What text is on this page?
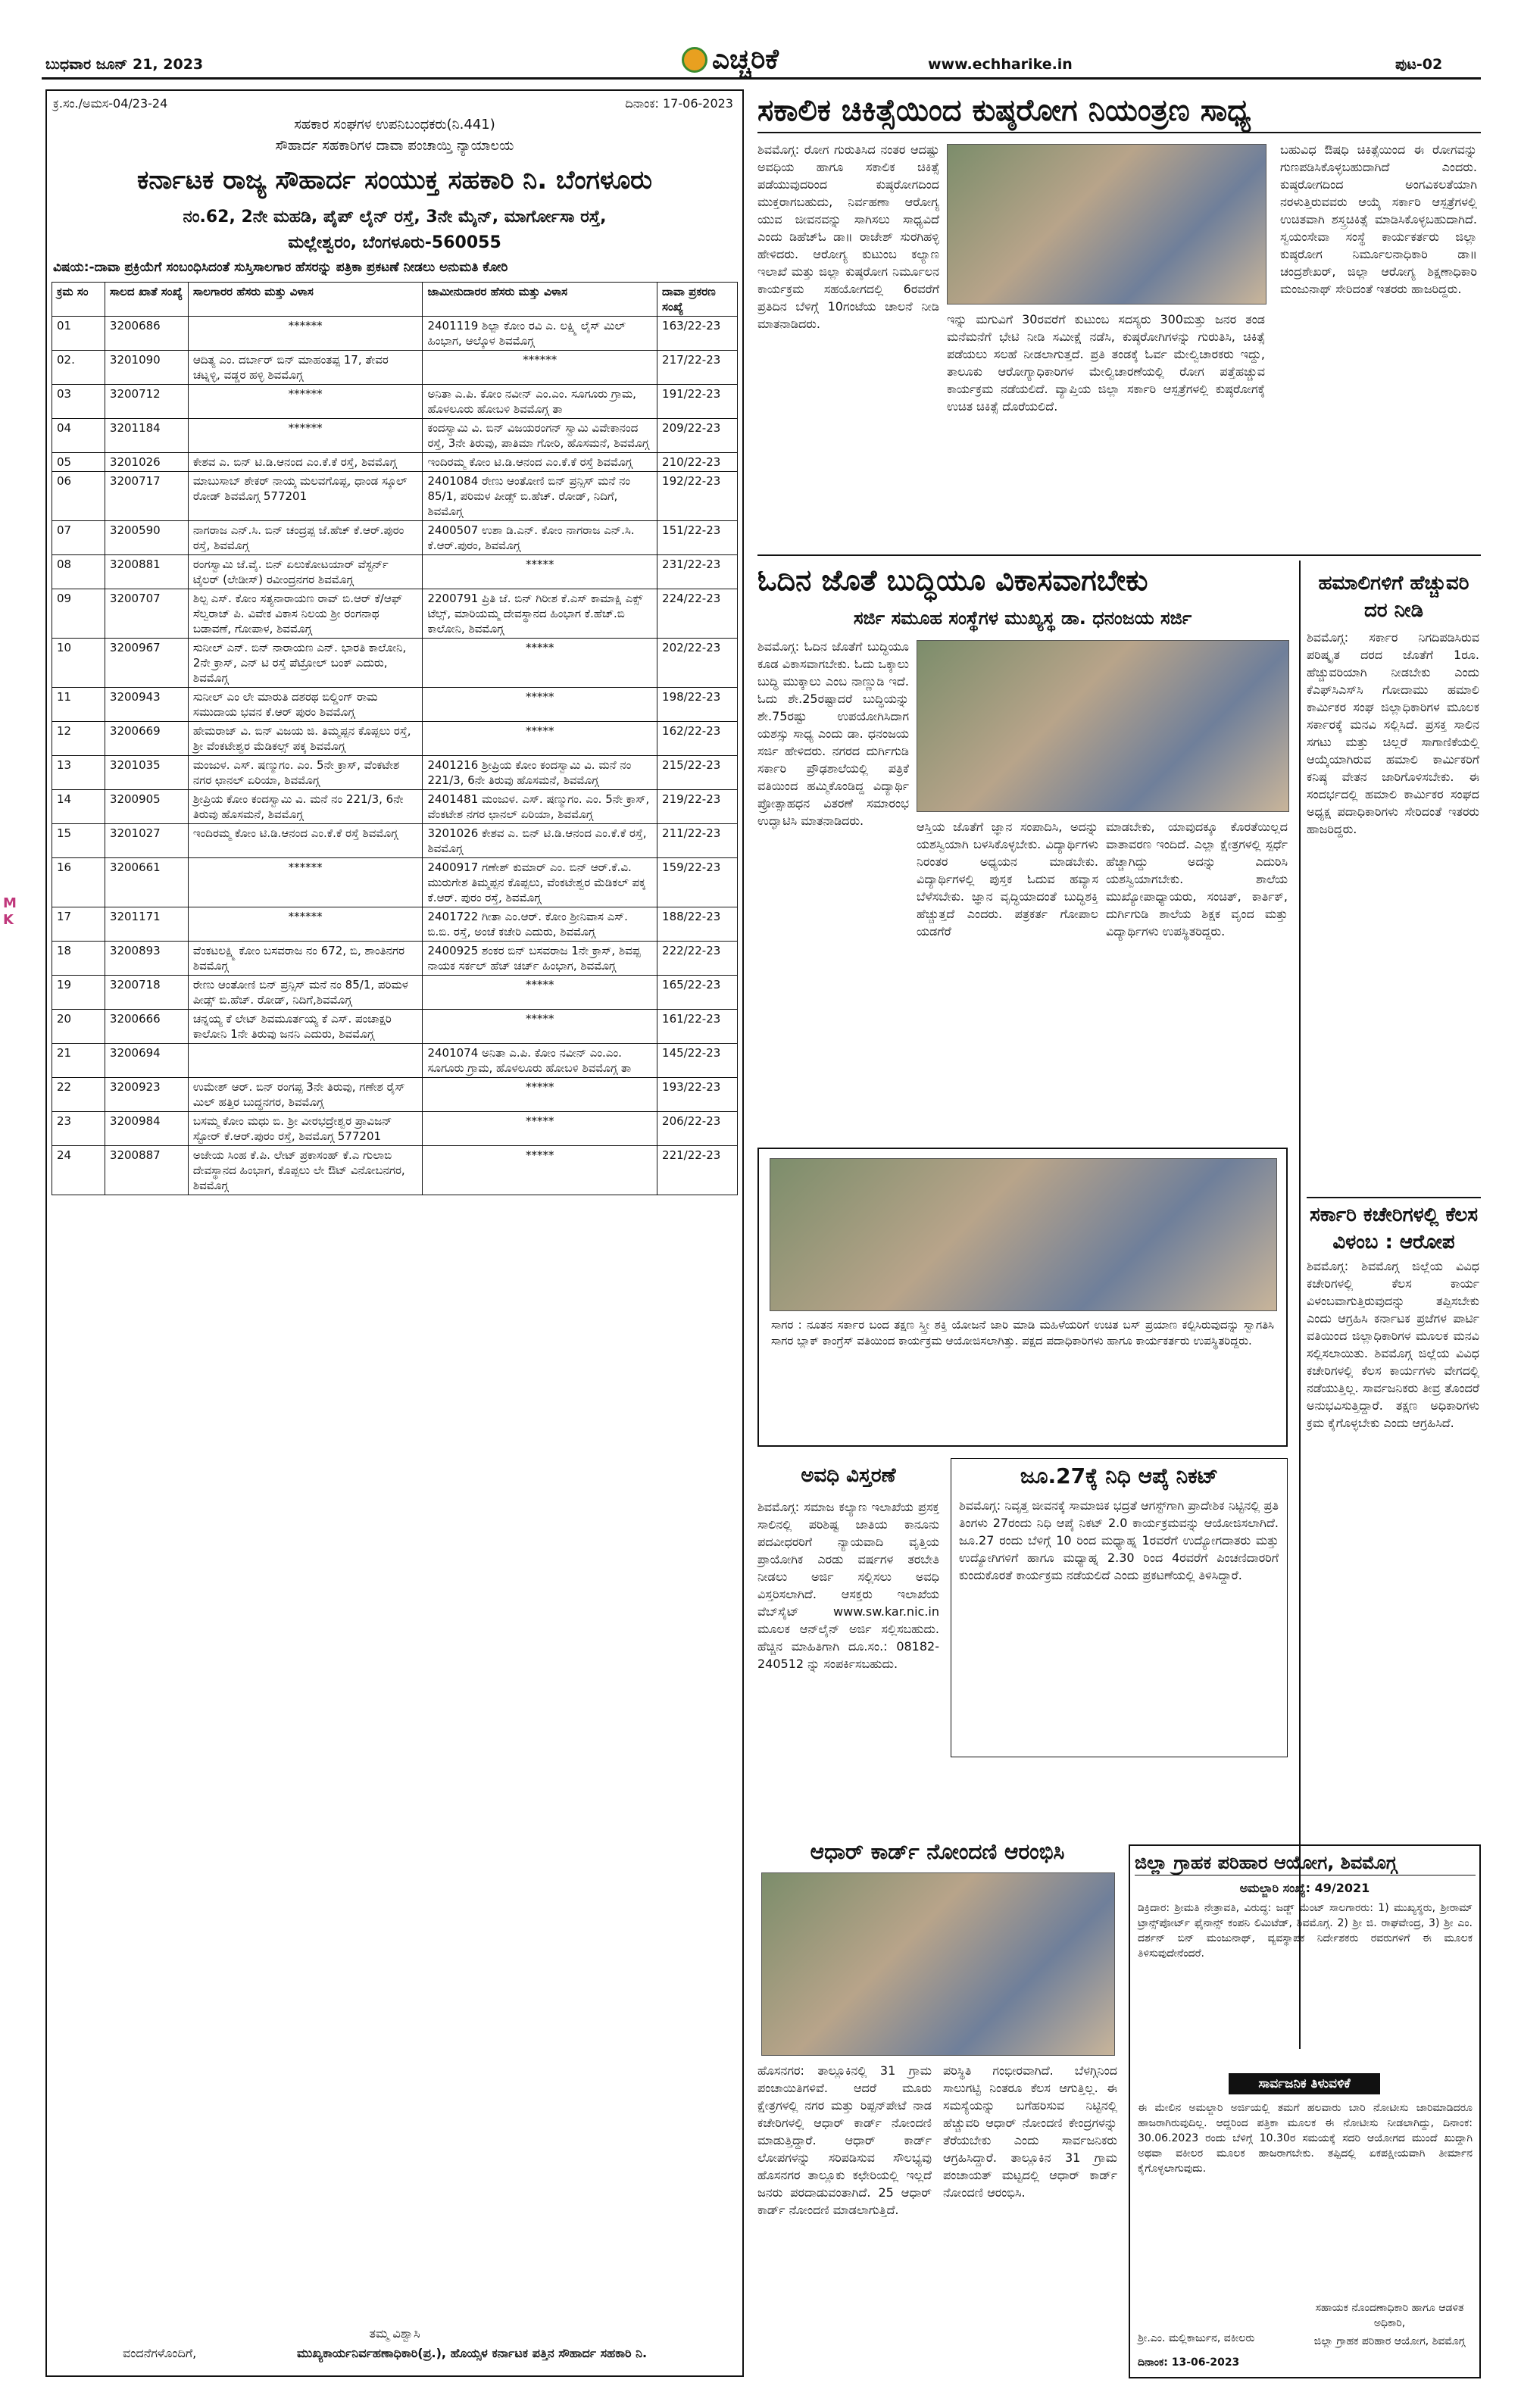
ಬುಧವಾರ ಜೂನ್ 21, 2023	ಎಚ್ಚರಿಕೆ	www.echharike.in	ಪುಟ-02
M
K
ಕ್ರ.ಸಂ./ಅಮಸ-04/23-24	ದಿನಾಂಕ: 17-06-2023
ಸಹಕಾರ ಸಂಘಗಳ ಉಪನಿಬಂಧಕರು(ನಿ.441)
ಸೌಹಾರ್ದ ಸಹಕಾರಿಗಳ ದಾವಾ ಪಂಚಾಯ್ತಿ ನ್ಯಾಯಾಲಯ
ಕರ್ನಾಟಕ ರಾಜ್ಯ ಸೌಹಾರ್ದ ಸಂಯುಕ್ತ ಸಹಕಾರಿ ನಿ. ಬೆಂಗಳೂರು
ನಂ.62, 2ನೇ ಮಹಡಿ, ಪೈಪ್ ಲೈನ್ ರಸ್ತೆ, 3ನೇ ಮೈನ್, ಮಾರ್ಗೋಸಾ ರಸ್ತೆ,
ಮಲ್ಲೇಶ್ವರಂ, ಬೆಂಗಳೂರು-560055
ವಿಷಯ:-ದಾವಾ ಪ್ರಕ್ರಿಯೆಗೆ ಸಂಬಂಧಿಸಿದಂತೆ ಸುಸ್ತಿಸಾಲಗಾರ ಹೆಸರನ್ನು ಪತ್ರಿಕಾ ಪ್ರಕಟಣೆ ನೀಡಲು ಅನುಮತಿ ಕೋರಿ
ಕ್ರಮ ಸಂ	ಸಾಲದ ಖಾತೆ ಸಂಖ್ಯೆ	ಸಾಲಗಾರರ ಹೆಸರು ಮತ್ತು ವಿಳಾಸ	ಜಾಮೀನುದಾರರ ಹೆಸರು ಮತ್ತು ವಿಳಾಸ	ದಾವಾ ಪ್ರಕರಣ ಸಂಖ್ಯೆ
01	3200686	******	2401119 ಶಿಲ್ಪಾ ಕೋಂ ರವಿ ಎ. ಲಕ್ಷ್ಮಿ ಲೈಸ್ ಮಿಲ್ ಹಿಂಭಾಗ, ಆಲ್ಕೊಳ ಶಿವಮೊಗ್ಗ	163/22-23
02.	3201090	ಆದಿತ್ಯ ಎಂ. ದರ್ಬಾರ್ ಬಿನ್ ಮಾಹಂತಪ್ಪ 17, ತೇವರ ಚಟ್ನಳ್ಳಿ, ವಡ್ಡರ ಹಳ್ಳಿ ಶಿವಮೊಗ್ಗ	******	217/22-23
03	3200712	******	ಅನಿತಾ ಎ.ಪಿ. ಕೋಂ ನವೀನ್ ಎಂ.ಎಂ. ಸೂಗೂರು ಗ್ರಾಮ, ಹೊಳಲೂರು ಹೋಬಳಿ ಶಿವಮೊಗ್ಗ ತಾ	191/22-23
04	3201184	******	ಕಂದಸ್ವಾಮಿ ವಿ. ಬಿನ್ ವಿಜಯರಂಗನ್ ಸ್ವಾಮಿ ವಿವೇಕಾನಂದ ರಸ್ತೆ, 3ನೇ ತಿರುವು, ಪಾತಿಮಾ ಗೋರಿ, ಹೊಸಮನೆ, ಶಿವಮೊಗ್ಗ	209/22-23
05	3201026	ಕೇಶವ ಎ. ಬಿನ್ ಟಿ.ಡಿ.ಆನಂದ ಎಂ.ಕೆ.ಕೆ ರಸ್ತೆ, ಶಿವಮೊಗ್ಗ	ಇಂದಿರಮ್ಮ ಕೋಂ ಟಿ.ಡಿ.ಆನಂದ ಎಂ.ಕೆ.ಕೆ ರಸ್ತೆ ಶಿವಮೊಗ್ಗ	210/22-23
06	3200717	ಮಾಬುಸಾಬ್ ಶೇಕರ್ ನಾಯ್ಕ ಮಲವಗೊಪ್ಪ, ಧಾಂಡ ಸ್ಕೂಲ್ ರೋಡ್ ಶಿವಮೊಗ್ಗ 577201	2401084 ರೇಣು ಆಂತೋಣಿ ಬಿನ್ ಪ್ರನ್ಸಿಸ್ ಮನೆ ನಂ 85/1, ಪರಿಮಳ ಪೀಡ್ಸ್ ಬಿ.ಹೆಚ್. ರೋಡ್, ನಿದಿಗೆ, ಶಿವಮೊಗ್ಗ	192/22-23
07	3200590	ನಾಗರಾಜ ಎನ್.ಸಿ. ಬಿನ್ ಚಂದ್ರಪ್ಪ ಜೆ.ಹೆಚ್ ಕೆ.ಆರ್.ಪುರಂ ರಸ್ತೆ, ಶಿವಮೊಗ್ಗ	2400507 ಉಶಾ ಡಿ.ಎನ್. ಕೋಂ ನಾಗರಾಜ ಎನ್.ಸಿ. ಕೆ.ಆರ್.ಪುರಂ, ಶಿವಮೊಗ್ಗ	151/22-23
08	3200881	ರಂಗಸ್ವಾಮಿ ಜೆ.ವೈ. ಬಿನ್ ಏಲುಕೋಟಯಾರ್ ವೆಸ್ಟರ್ನ್ ಟೈಲರ್ (ಲೇಡೀಸ್) ರವೀಂದ್ರನಗರ ಶಿವಮೊಗ್ಗ	*****	231/22-23
09	3200707	ಶಿಲ್ಪ ಎಸ್. ಕೋಂ ಸತ್ಯನಾರಾಯಣ ರಾವ್ ಬಿ.ಆರ್ ಕೆ/ಆಫ್ ಸೆಲ್ವರಾಜ್ ಪಿ. ವಿವೇಕ ವಿಕಾಸ ನಿಲಯ ಶ್ರೀ ರಂಗನಾಥ ಬಡಾವಣೆ, ಗೋಪಾಳ, ಶಿವಮೊಗ್ಗ	2200791 ಪ್ರಿತಿ ಜೆ. ಬಿನ್ ಗಿರೀಶ ಕೆ.ಎಸ್ ಕಾಮಾಕ್ಷಿ ಎಕ್ಸ್ ಟೆಲ್ಸ್, ಮಾರಿಯಮ್ಮ ದೇವಸ್ಥಾನದ ಹಿಂಭಾಗ ಕೆ.ಹೆಚ್.ಬಿ ಕಾಲೋನಿ, ಶಿವಮೊಗ್ಗ	224/22-23
10	3200967	ಸುನೀಲ್ ಎನ್. ಬಿನ್ ನಾರಾಯಣ ಎನ್. ಭಾರತಿ ಕಾಲೋನಿ, 2ನೇ ಕ್ರಾಸ್, ಎನ್ ಟಿ ರಸ್ತೆ ಪೆಟ್ರೋಲ್ ಬಂಕ್ ಎದುರು, ಶಿವಮೊಗ್ಗ	*****	202/22-23
11	3200943	ಸುನೀಲ್ ಎಂ ಲೇ ಮಾರುತಿ ದಶರಥ ಬಿಲ್ಡಿಂಗ್ ರಾಮ ಸಮುದಾಯ ಭವನ ಕೆ.ಆರ್ ಪುರಂ ಶಿವಮೊಗ್ಗ	*****	198/22-23
12	3200669	ಹೇಮರಾಜ್ ವಿ. ಬಿನ್ ವಿಜಯ ಜಿ. ತಿಮ್ಮಪ್ಪನ ಕೊಪ್ಪಲು ರಸ್ತೆ, ಶ್ರೀ ವೆಂಕಟೇಶ್ವರ ಮೆಡಿಕಲ್ಸ್ ಪಕ್ಕ ಶಿವಮೊಗ್ಗ	*****	162/22-23
13	3201035	ಮಂಜುಳ. ಎಸ್. ಷಣ್ಮುಗಂ. ಎಂ. 5ನೇ ಕ್ರಾಸ್, ವೆಂಕಟೇಶ ನಗರ ಛಾನಲ್ ಏರಿಯಾ, ಶಿವಮೊಗ್ಗ	2401216 ಶ್ರೀಪ್ರಿಯ ಕೋಂ ಕಂದಸ್ವಾಮಿ ವಿ. ಮನೆ ನಂ 221/3, 6ನೇ ತಿರುವು ಹೊಸಮನೆ, ಶಿವಮೊಗ್ಗ	215/22-23
14	3200905	ಶ್ರೀಪ್ರಿಯ ಕೋಂ ಕಂದಸ್ವಾಮಿ ವಿ. ಮನೆ ನಂ 221/3, 6ನೇ ತಿರುವು ಹೊಸಮನೆ, ಶಿವಮೊಗ್ಗ	2401481 ಮಂಜುಳ. ಎಸ್. ಷಣ್ಮುಗಂ. ಎಂ. 5ನೇ ಕ್ರಾಸ್, ವೆಂಕಟೇಶ ನಗರ ಛಾನಲ್ ಏರಿಯಾ, ಶಿವಮೊಗ್ಗ	219/22-23
15	3201027	ಇಂದಿರಮ್ಮ ಕೋಂ ಟಿ.ಡಿ.ಆನಂದ ಎಂ.ಕೆ.ಕೆ ರಸ್ತೆ ಶಿವಮೊಗ್ಗ	3201026 ಕೇಶವ ಎ. ಬಿನ್ ಟಿ.ಡಿ.ಆನಂದ ಎಂ.ಕೆ.ಕೆ ರಸ್ತೆ, ಶಿವಮೊಗ್ಗ	211/22-23
16	3200661	******	2400917 ಗಣೇಶ್ ಕುಮಾರ್ ಎಂ. ಬಿನ್ ಆರ್.ಕೆ.ವಿ. ಮುರುಗೇಶ ತಿಮ್ಮಪ್ಪನ ಕೊಪ್ಪಲು, ವೆಂಕಟೇಶ್ವರ ಮೆಡಿಕಲ್ ಪಕ್ಕ ಕೆ.ಆರ್. ಪುರಂ ರಸ್ತೆ, ಶಿವಮೊಗ್ಗ	159/22-23
17	3201171	******	2401722 ಗೀತಾ ಎಂ.ಆರ್. ಕೋಂ ಶ್ರೀನಿವಾಸ ಎಸ್. ಬಿ.ಬಿ. ರಸ್ತೆ, ಅಂಚೆ ಕಚೇರಿ ಎದುರು, ಶಿವಮೊಗ್ಗ	188/22-23
18	3200893	ವೆಂಕಟಲಕ್ಷ್ಮಿ ಕೋಂ ಬಸವರಾಜ ನಂ 672, ಬಿ, ಶಾಂತಿನಗರ ಶಿವಮೊಗ್ಗ	2400925 ಶಂಕರ ಬಿನ್ ಬಸವರಾಜ 1ನೇ ಕ್ರಾಸ್, ಶಿವಪ್ಪ ನಾಯಕ ಸರ್ಕಲ್ ಹೆಚ್ ಚರ್ಚ್ ಹಿಂಭಾಗ, ಶಿವಮೊಗ್ಗ	222/22-23
19	3200718	ರೇಣು ಆಂತೋಣಿ ಬಿನ್ ಪ್ರನ್ಸಿಸ್ ಮನೆ ನಂ 85/1, ಪರಿಮಳ ಪೀಡ್ಸ್ ಬಿ.ಹೆಚ್. ರೋಡ್, ನಿದಿಗೆ,ಶಿವಮೊಗ್ಗ	*****	165/22-23
20	3200666	ಚನ್ನಯ್ಯ ಕೆ ಲೇಟ್ ಶಿವಮೂರ್ತಯ್ಯ ಕೆ ಎಸ್. ಪಂಚಾಕ್ಷರಿ ಕಾಲೋನಿ 1ನೇ ತಿರುವು ಜನನಿ ಎದುರು, ಶಿವಮೊಗ್ಗ	*****	161/22-23
21	3200694		2401074 ಅನಿತಾ ಎ.ಪಿ. ಕೋಂ ನವೀನ್ ಎಂ.ಎಂ. ಸೂಗೂರು ಗ್ರಾಮ, ಹೊಳಲೂರು ಹೋಬಳಿ ಶಿವಮೊಗ್ಗ ತಾ	145/22-23
22	3200923	ಉಮೇಶ್ ಆರ್. ಬಿನ್ ರಂಗಪ್ಪ 3ನೇ ತಿರುವು, ಗಣೇಶ ರೈಸ್ ಮಿಲ್ ಹತ್ತಿರ ಬುದ್ಧನಗರ, ಶಿವಮೊಗ್ಗ	*****	193/22-23
23	3200984	ಬಸಮ್ಮ ಕೋಂ ಮಧು ಬಿ. ಶ್ರೀ ವೀರಭದ್ರೇಶ್ವರ ಪ್ರಾವಿಜನ್ ಸ್ಟೋರ್ ಕೆ.ಆರ್.ಪುರಂ ರಸ್ತೆ, ಶಿವಮೊಗ್ಗ 577201	*****	206/22-23
24	3200887	ಅಜೇಯ ಸಿಂಹ ಕೆ.ಪಿ. ಲೇಟ್ ಪ್ರಕಾಸಂಹ್ ಕೆ.ಎ ಗುಲಾಬಿ ದೇವಸ್ಥಾನದ ಹಿಂಭಾಗ, ಕೊಪ್ಪಲು ಲೇ ಔಟ್ ವಿನೋಬನಗರ, ಶಿವಮೊಗ್ಗ	*****	221/22-23
ತಮ್ಮ ವಿಶ್ವಾಸಿ
ವಂದನೆಗಳೊಂದಿಗೆ,	ಮುಖ್ಯಕಾರ್ಯನಿರ್ವಹಣಾಧಿಕಾರಿ(ಪ್ರ.), ಹೊಯ್ಸಳ ಕರ್ನಾಟಕ ಪತ್ತಿನ ಸೌಹಾರ್ದ ಸಹಕಾರಿ ನಿ.
ಸಕಾಲಿಕ ಚಿಕಿತ್ಸೆಯಿಂದ ಕುಷ್ಠರೋಗ ನಿಯಂತ್ರಣ ಸಾಧ್ಯ
ಶಿವಮೊಗ್ಗ: ರೋಗ ಗುರುತಿಸಿದ ನಂತರ ಆದಷ್ಟು ಅವಧಿಯ ಹಾಗೂ ಸಕಾಲಿಕ ಚಿಕಿತ್ಸೆ ಪಡೆಯುವುದರಿಂದ ಕುಷ್ಠರೋಗದಿಂದ ಮುಕ್ತರಾಗಬಹುದು, ನಿರ್ವಹಣಾ ಆರೋಗ್ಯ ಯುವ ಜೀವನವನ್ನು ಸಾಗಿಸಲು ಸಾಧ್ಯವಿದೆ ಎಂದು ಡಿಹೆಚ್‌ಓ ಡಾ॥ ರಾಜೇಶ್ ಸುರಗಿಹಳ್ಳಿ ಹೇಳಿದರು. ಆರೋಗ್ಯ ಕುಟುಂಬ ಕಲ್ಯಾಣ ಇಲಾಖೆ ಮತ್ತು ಜಿಲ್ಲಾ ಕುಷ್ಠರೋಗ ನಿರ್ಮೂಲನ ಕಾರ್ಯಕ್ರಮ ಸಹಯೋಗದಲ್ಲಿ 6ರವರೆಗೆ ಪ್ರತಿದಿನ ಬೆಳಿಗ್ಗೆ 10ಗಂಟೆಯ ಚಾಲನೆ ನೀಡಿ ಮಾತನಾಡಿದರು.	ಇನ್ನು ಮಗುವಿಗೆ 30ರವರೆಗೆ ಕುಟುಂಬ ಸದಸ್ಯರು 300ಮತ್ತು ಜನರ ತಂಡ ಮನೆಮನೆಗೆ ಭೇಟಿ ನೀಡಿ ಸಮೀಕ್ಷೆ ನಡೆಸಿ, ಕುಷ್ಠರೋಗಿಗಳನ್ನು ಗುರುತಿಸಿ, ಚಿಕಿತ್ಸೆ ಪಡೆಯಲು ಸಲಹೆ ನೀಡಲಾಗುತ್ತದೆ. ಪ್ರತಿ ತಂಡಕ್ಕೆ ಓರ್ವ ಮೇಲ್ವಿಚಾರಕರು ಇದ್ದು, ತಾಲೂಕು ಆರೋಗ್ಯಾಧಿಕಾರಿಗಳ ಮೇಲ್ವಿಚಾರಣೆಯಲ್ಲಿ ರೋಗ ಪತ್ತೆಹಚ್ಚುವ ಕಾರ್ಯಕ್ರಮ ನಡೆಯಲಿದೆ. ವ್ಯಾಪ್ತಿಯ ಜಿಲ್ಲಾ ಸರ್ಕಾರಿ ಆಸ್ಪತ್ರೆಗಳಲ್ಲಿ ಕುಷ್ಠರೋಗಕ್ಕೆ ಉಚಿತ ಚಿಕಿತ್ಸೆ ದೊರೆಯಲಿದೆ.
ಬಹುವಿಧ ಔಷಧಿ ಚಿಕಿತ್ಸೆಯಿಂದ ಈ ರೋಗವನ್ನು ಗುಣಪಡಿಸಿಕೊಳ್ಳಬಹುದಾಗಿದೆ ಎಂದರು. ಕುಷ್ಠರೋಗದಿಂದ ಅಂಗವಿಕಲತೆಯಾಗಿ ನರಳುತ್ತಿರುವವರು ಆಯ್ಕೆ ಸರ್ಕಾರಿ ಆಸ್ಪತ್ರೆಗಳಲ್ಲಿ ಉಚಿತವಾಗಿ ಶಸ್ತ್ರಚಿಕಿತ್ಸೆ ಮಾಡಿಸಿಕೊಳ್ಳಬಹುದಾಗಿದೆ. ಸ್ವಯಂಸೇವಾ ಸಂಸ್ಥೆ ಕಾರ್ಯಕರ್ತರು ಜಿಲ್ಲಾ ಕುಷ್ಠರೋಗ ನಿರ್ಮೂಲನಾಧಿಕಾರಿ ಡಾ॥ ಚಂದ್ರಶೇಖರ್, ಜಿಲ್ಲಾ ಆರೋಗ್ಯ ಶಿಕ್ಷಣಾಧಿಕಾರಿ ಮಂಜುನಾಥ್ ಸೇರಿದಂತೆ ಇತರರು ಹಾಜರಿದ್ದರು.
ಓದಿನ ಜೊತೆ ಬುದ್ಧಿಯೂ ವಿಕಾಸವಾಗಬೇಕು
ಸರ್ಜಿ ಸಮೂಹ ಸಂಸ್ಥೆಗಳ ಮುಖ್ಯಸ್ಥ ಡಾ. ಧನಂಜಯ ಸರ್ಜಿ
ಶಿವಮೊಗ್ಗ: ಓದಿನ ಜೊತೆಗೆ ಬುದ್ಧಿಯೂ ಕೂಡ ವಿಕಾಸವಾಗಬೇಕು. ಓದು ಒಕ್ಕಾಲು ಬುದ್ಧಿ ಮುಕ್ಕಾಲು ಎಂಬ ನಾಣ್ಣುಡಿ ಇದೆ. ಓದು ಶೇ.25ರಷ್ಟಾದರೆ ಬುದ್ಧಿಯನ್ನು ಶೇ.75ರಷ್ಟು ಉಪಯೋಗಿಸಿದಾಗ ಯಶಸ್ಸು ಸಾಧ್ಯ ಎಂದು ಡಾ. ಧನಂಜಯ ಸರ್ಜಿ ಹೇಳಿದರು. ನಗರದ ದುರ್ಗಿಗುಡಿ ಸರ್ಕಾರಿ ಪ್ರೌಢಶಾಲೆಯಲ್ಲಿ ಪತ್ರಿಕೆ ವತಿಯಿಂದ ಹಮ್ಮಿಕೊಂಡಿದ್ದ ವಿದ್ಯಾರ್ಥಿ ಪ್ರೋತ್ಸಾಹಧನ ವಿತರಣೆ ಸಮಾರಂಭ ಉದ್ಘಾಟಿಸಿ ಮಾತನಾಡಿದರು.	ಆಸ್ತಿಯ ಜೊತೆಗೆ ಜ್ಞಾನ ಸಂಪಾದಿಸಿ, ಅದನ್ನು ಯಶಸ್ವಿಯಾಗಿ ಬಳಸಿಕೊಳ್ಳಬೇಕು. ವಿದ್ಯಾರ್ಥಿಗಳು ನಿರಂತರ ಅಧ್ಯಯನ ಮಾಡಬೇಕು. ವಿದ್ಯಾರ್ಥಿಗಳಲ್ಲಿ ಪುಸ್ತಕ ಓದುವ ಹವ್ಯಾಸ ಬೆಳೆಸಬೇಕು. ಜ್ಞಾನ ವೃದ್ಧಿಯಾದಂತೆ ಬುದ್ಧಿಶಕ್ತಿ ಹೆಚ್ಚುತ್ತದೆ ಎಂದರು. ಪತ್ರಕರ್ತ ಗೋಪಾಲ ಯಡಗೆರೆ
ಮಾಡಬೇಕು, ಯಾವುದಕ್ಕೂ ಕೊರತೆಯಿಲ್ಲದ ವಾತಾವರಣ ಇಂದಿದೆ. ಎಲ್ಲಾ ಕ್ಷೇತ್ರಗಳಲ್ಲಿ ಸ್ಪರ್ಧೆ ಹೆಚ್ಚಾಗಿದ್ದು ಅದನ್ನು ಎದುರಿಸಿ ಯಶಸ್ವಿಯಾಗಬೇಕು. ಶಾಲೆಯ ಮುಖ್ಯೋಪಾಧ್ಯಾಯರು, ಸಂಚಿತ್, ಕಾರ್ತಿಕ್, ದುರ್ಗಿಗುಡಿ ಶಾಲೆಯ ಶಿಕ್ಷಕ ವೃಂದ ಮತ್ತು ವಿದ್ಯಾರ್ಥಿಗಳು ಉಪಸ್ಥಿತರಿದ್ದರು.
ಸಾಗರ : ನೂತನ ಸರ್ಕಾರ ಬಂದ ತಕ್ಷಣ ಸ್ತ್ರೀ ಶಕ್ತಿ ಯೋಜನೆ ಜಾರಿ ಮಾಡಿ ಮಹಿಳೆಯರಿಗೆ ಉಚಿತ ಬಸ್ ಪ್ರಯಾಣ ಕಲ್ಪಿಸಿರುವುದನ್ನು ಸ್ವಾಗತಿಸಿ ಸಾಗರ ಬ್ಲಾಕ್ ಕಾಂಗ್ರೆಸ್ ವತಿಯಿಂದ ಕಾರ್ಯಕ್ರಮ ಆಯೋಜಿಸಲಾಗಿತ್ತು. ಪಕ್ಷದ ಪದಾಧಿಕಾರಿಗಳು ಹಾಗೂ ಕಾರ್ಯಕರ್ತರು ಉಪಸ್ಥಿತರಿದ್ದರು.
ಹಮಾಲಿಗಳಿಗೆ ಹೆಚ್ಚುವರಿ ದರ ನೀಡಿ
ಶಿವಮೊಗ್ಗ: ಸರ್ಕಾರ ನಿಗದಿಪಡಿಸಿರುವ ಪರಿಷ್ಕೃತ ದರದ ಜೊತೆಗೆ 1ರೂ. ಹೆಚ್ಚುವರಿಯಾಗಿ ನೀಡಬೇಕು ಎಂದು ಕೆಎಫ್‌ಸಿಎಸ್‌ಸಿ ಗೋದಾಮು ಹಮಾಲಿ ಕಾರ್ಮಿಕರ ಸಂಘ ಜಿಲ್ಲಾಧಿಕಾರಿಗಳ ಮೂಲಕ ಸರ್ಕಾರಕ್ಕೆ ಮನವಿ ಸಲ್ಲಿಸಿದೆ. ಪ್ರಸಕ್ತ ಸಾಲಿನ ಸಗಟು ಮತ್ತು ಚಿಲ್ಲರೆ ಸಾಗಾಣಿಕೆಯಲ್ಲಿ ಆಯ್ಕೆಯಾಗಿರುವ ಹಮಾಲಿ ಕಾರ್ಮಿಕರಿಗೆ ಕನಿಷ್ಠ ವೇತನ ಜಾರಿಗೊಳಿಸಬೇಕು. ಈ ಸಂದರ್ಭದಲ್ಲಿ ಹಮಾಲಿ ಕಾರ್ಮಿಕರ ಸಂಘದ ಅಧ್ಯಕ್ಷ ಪದಾಧಿಕಾರಿಗಳು ಸೇರಿದಂತೆ ಇತರರು ಹಾಜರಿದ್ದರು.
ಸರ್ಕಾರಿ ಕಚೇರಿಗಳಲ್ಲಿ ಕೆಲಸ ವಿಳಂಬ : ಆರೋಪ
ಶಿವಮೊಗ್ಗ: ಶಿವಮೊಗ್ಗ ಜಿಲ್ಲೆಯ ವಿವಿಧ ಕಚೇರಿಗಳಲ್ಲಿ ಕೆಲಸ ಕಾರ್ಯ ವಿಳಂಬವಾಗುತ್ತಿರುವುದನ್ನು ತಪ್ಪಿಸಬೇಕು ಎಂದು ಆಗ್ರಹಿಸಿ ಕರ್ನಾಟಕ ಪ್ರಜೆಗಳ ಪಾರ್ಟಿ ವತಿಯಿಂದ ಜಿಲ್ಲಾಧಿಕಾರಿಗಳ ಮೂಲಕ ಮನವಿ ಸಲ್ಲಿಸಲಾಯಿತು. ಶಿವಮೊಗ್ಗ ಜಿಲ್ಲೆಯ ವಿವಿಧ ಕಚೇರಿಗಳಲ್ಲಿ ಕೆಲಸ ಕಾರ್ಯಗಳು ವೇಗದಲ್ಲಿ ನಡೆಯುತ್ತಿಲ್ಲ. ಸಾರ್ವಜನಿಕರು ತೀವ್ರ ತೊಂದರೆ ಅನುಭವಿಸುತ್ತಿದ್ದಾರೆ. ತಕ್ಷಣ ಅಧಿಕಾರಿಗಳು ಕ್ರಮ ಕೈಗೊಳ್ಳಬೇಕು ಎಂದು ಆಗ್ರಹಿಸಿದೆ.
ಅವಧಿ ವಿಸ್ತರಣೆ
ಶಿವಮೊಗ್ಗ: ಸಮಾಜ ಕಲ್ಯಾಣ ಇಲಾಖೆಯ ಪ್ರಸಕ್ತ ಸಾಲಿನಲ್ಲಿ ಪರಿಶಿಷ್ಟ ಜಾತಿಯ ಕಾನೂನು ಪದವೀಧರರಿಗೆ ನ್ಯಾಯವಾದಿ ವೃತ್ತಿಯ ಪ್ರಾಯೋಗಿಕ ಎರಡು ವರ್ಷಗಳ ತರಬೇತಿ ನೀಡಲು ಅರ್ಜಿ ಸಲ್ಲಿಸಲು ಅವಧಿ ವಿಸ್ತರಿಸಲಾಗಿದೆ. ಆಸಕ್ತರು ಇಲಾಖೆಯ ವೆಬ್‌ಸೈಟ್ www.sw.kar.nic.in ಮೂಲಕ ಆನ್‌ಲೈನ್ ಅರ್ಜಿ ಸಲ್ಲಿಸಬಹುದು. ಹೆಚ್ಚಿನ ಮಾಹಿತಿಗಾಗಿ ದೂ.ಸಂ.: 08182-240512 ನ್ನು ಸಂಪರ್ಕಿಸಬಹುದು.
ಜೂ.27ಕ್ಕೆ ನಿಧಿ ಆಪ್ಕೆ ನಿಕಟ್
ಶಿವಮೊಗ್ಗ: ನಿವೃತ್ತ ಜೀವನಕ್ಕೆ ಸಾಮಾಜಿಕ ಭದ್ರತೆ ಆಗಸ್ಟ್‌ಗಾಗಿ ಪ್ರಾದೇಶಿಕ ನಿಟ್ಟಿನಲ್ಲಿ ಪ್ರತಿ ತಿಂಗಳು 27ರಂದು ನಿಧಿ ಆಪ್ಕೆ ನಿಕಟ್ 2.0 ಕಾರ್ಯಕ್ರಮವನ್ನು ಆಯೋಜಿಸಲಾಗಿದೆ. ಜೂ.27 ರಂದು ಬೆಳಿಗ್ಗೆ 10 ರಿಂದ ಮಧ್ಯಾಹ್ನ 1ರವರೆಗೆ ಉದ್ಯೋಗದಾತರು ಮತ್ತು ಉದ್ಯೋಗಿಗಳಿಗೆ ಹಾಗೂ ಮಧ್ಯಾಹ್ನ 2.30 ರಿಂದ 4ರವರೆಗೆ ಪಿಂಚಣಿದಾರರಿಗೆ ಕುಂದುಕೊರತೆ ಕಾರ್ಯಕ್ರಮ ನಡೆಯಲಿದೆ ಎಂದು ಪ್ರಕಟಣೆಯಲ್ಲಿ ತಿಳಿಸಿದ್ದಾರೆ.
ಆಧಾರ್ ಕಾರ್ಡ್ ನೋಂದಣಿ ಆರಂಭಿಸಿ
ಹೊಸನಗರ: ತಾಲ್ಲೂಕಿನಲ್ಲಿ 31 ಗ್ರಾಮ ಪಂಚಾಯಿತಿಗಳಿವೆ. ಆದರೆ ಮೂರು ಕ್ಷೇತ್ರಗಳಲ್ಲಿ ನಗರ ಮತ್ತು ರಿಪ್ಪನ್‌ಪೇಟೆ ನಾಡ ಕಚೇರಿಗಳಲ್ಲಿ ಆಧಾರ್ ಕಾರ್ಡ್ ನೋಂದಣಿ ಮಾಡುತ್ತಿದ್ದಾರೆ. ಆಧಾರ್ ಕಾರ್ಡ್ ಲೋಪಗಳನ್ನು ಸರಿಪಡಿಸುವ ಸೌಲಭ್ಯವು ಹೊಸನಗರ ತಾಲ್ಲೂಕು ಕಛೇರಿಯಲ್ಲಿ ಇಲ್ಲದೆ ಜನರು ಪರದಾಡುವಂತಾಗಿದೆ. 25 ಆಧಾರ್ ಕಾರ್ಡ್ ನೋಂದಣಿ ಮಾಡಲಾಗುತ್ತಿದೆ.
ಪರಿಸ್ಥಿತಿ ಗಂಭೀರವಾಗಿದೆ. ಬೆಳಗ್ಗಿನಿಂದ ಸಾಲುಗಟ್ಟಿ ನಿಂತರೂ ಕೆಲಸ ಆಗುತ್ತಿಲ್ಲ. ಈ ಸಮಸ್ಯೆಯನ್ನು ಬಗೆಹರಿಸುವ ನಿಟ್ಟಿನಲ್ಲಿ ಹೆಚ್ಚುವರಿ ಆಧಾರ್ ನೋಂದಣಿ ಕೇಂದ್ರಗಳನ್ನು ತೆರೆಯಬೇಕು ಎಂದು ಸಾರ್ವಜನಿಕರು ಆಗ್ರಹಿಸಿದ್ದಾರೆ. ತಾಲ್ಲೂಕಿನ 31 ಗ್ರಾಮ ಪಂಚಾಯತ್ ಮಟ್ಟದಲ್ಲಿ ಆಧಾರ್ ಕಾರ್ಡ್ ನೋಂದಣಿ ಆರಂಭಿಸಿ.
ಜಿಲ್ಲಾ ಗ್ರಾಹಕ ಪರಿಹಾರ ಆಯೋಗ, ಶಿವಮೊಗ್ಗ
ಅಮಲ್ಜಾರಿ ಸಂಖ್ಯೆ: 49/2021
ಡಿಕ್ರಿದಾರ: ಶ್ರೀಮತಿ ನೇತ್ರಾವತಿ, ವಿರುದ್ಧ: ಜಡ್ಜ್ ಮೆಂಟ್ ಸಾಲಗಾರರು: 1) ಮುಖ್ಯಸ್ಥರು, ಶ್ರೀರಾಮ್ ಟ್ರಾನ್ಸ್‌ಪೋರ್ಟ್ ಫೈನಾನ್ಸ್ ಕಂಪನಿ ಲಿಮಿಟೆಡ್, ಶಿವಮೊಗ್ಗ. 2) ಶ್ರೀ ಜಿ. ರಾಘವೇಂದ್ರ, 3) ಶ್ರೀ ಎಂ. ದರ್ಶನ್ ಬಿನ್ ಮಂಜುನಾಥ್, ವ್ಯವಸ್ಥಾಪಕ ನಿರ್ದೇಶಕರು ರವರುಗಳಿಗೆ ಈ ಮೂಲಕ ತಿಳಿಸುವುದೇನೆಂದರೆ.
ಸಾರ್ವಜನಿಕ ತಿಳುವಳಿಕೆ
ಈ ಮೇಲಿನ ಅಮಲ್ಜಾರಿ ಅರ್ಜಿಯಲ್ಲಿ ತಮಗೆ ಹಲವಾರು ಬಾರಿ ನೋಟೀಸು ಜಾರಿಮಾಡಿದರೂ ಹಾಜರಾಗಿರುವುದಿಲ್ಲ. ಆದ್ದರಿಂದ ಪತ್ರಿಕಾ ಮೂಲಕ ಈ ನೋಟೀಸು ನೀಡಲಾಗಿದ್ದು, ದಿನಾಂಕ: 30.06.2023 ರಂದು ಬೆಳಿಗ್ಗೆ 10.30ರ ಸಮಯಕ್ಕೆ ಸದರಿ ಆಯೋಗದ ಮುಂದೆ ಖುದ್ದಾಗಿ ಅಥವಾ ವಕೀಲರ ಮೂಲಕ ಹಾಜರಾಗಬೇಕು. ತಪ್ಪಿದಲ್ಲಿ ಏಕಪಕ್ಷೀಯವಾಗಿ ತೀರ್ಮಾನ ಕೈಗೊಳ್ಳಲಾಗುವುದು.
ಸಹಾಯಕ ನೊಂದಣಾಧಿಕಾರಿ ಹಾಗೂ ಆಡಳಿತ ಅಧಿಕಾರಿ,
ಶ್ರೀ.ಎಂ. ಮಲ್ಲಿಕಾರ್ಜುನ, ವಕೀಲರು	ಜಿಲ್ಲಾ ಗ್ರಾಹಕ ಪರಿಹಾರ ಆಯೋಗ, ಶಿವಮೊಗ್ಗ
ದಿನಾಂಕ: 13-06-2023
